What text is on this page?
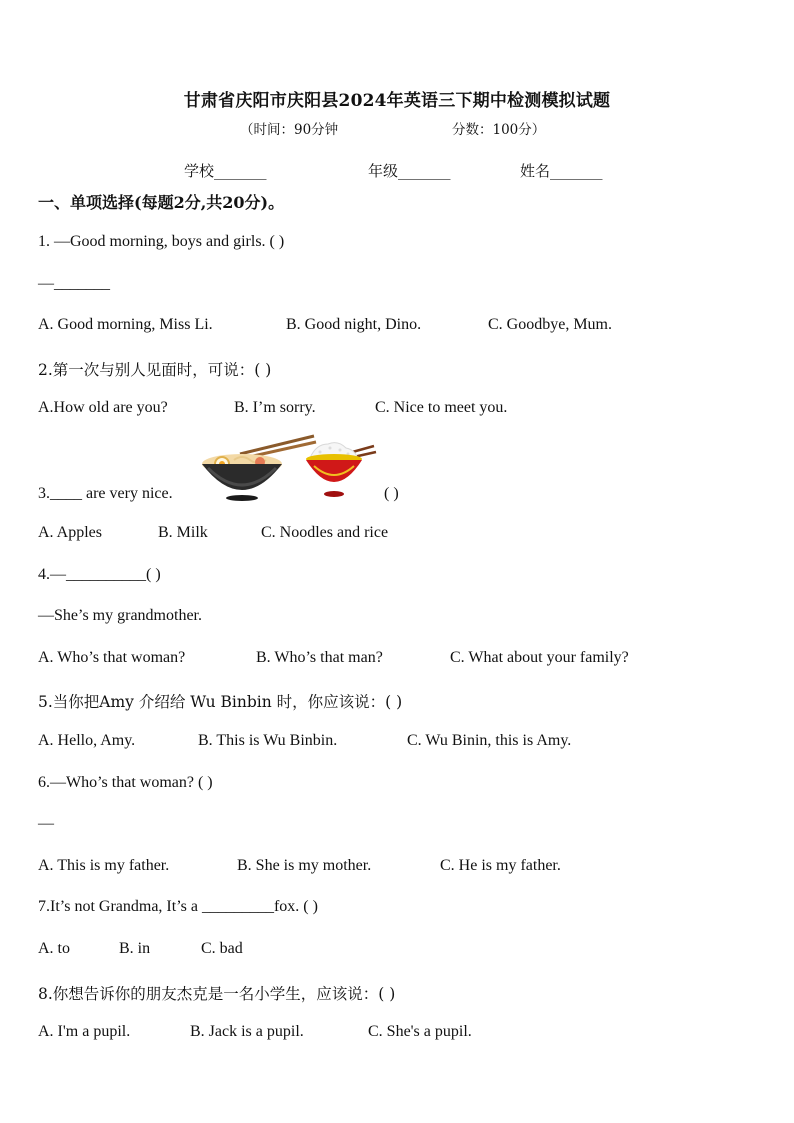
甘肃省庆阳市庆阳县2024年英语三下期中检测模拟试题
（时间：90分钟	分数：100分）
学校_______	年级_______	姓名_______
一、单项选择(每题2分,共20分)。
1. —Good morning, boys and girls. ( )
—_______
A. Good morning, Miss Li.	B. Good night, Dino.	C. Goodbye, Mum.
2.第一次与别人见面时，可说：( )
A.How old are you?	B. I’m sorry.	C. Nice to meet you.
3.____ are very nice.	( )
A. Apples	B. Milk	C. Noodles and rice
4.—__________( )
—She’s my grandmother.
A. Who’s that woman?	B. Who’s that man?	C. What about your family?
5.当你把Amy 介绍给 Wu Binbin 时，你应该说：( )
A. Hello, Amy.	B. This is Wu Binbin.	C. Wu Binin, this is Amy.
6.—Who’s that woman? ( )
—
A. This is my father.	B. She is my mother.	C. He is my father.
7.It’s not Grandma, It’s a _________fox. ( )
A. to	B. in	C. bad
8.你想告诉你的朋友杰克是一名小学生，应该说：( )
A. I'm a pupil.	B. Jack is a pupil.	C. She's a pupil.
